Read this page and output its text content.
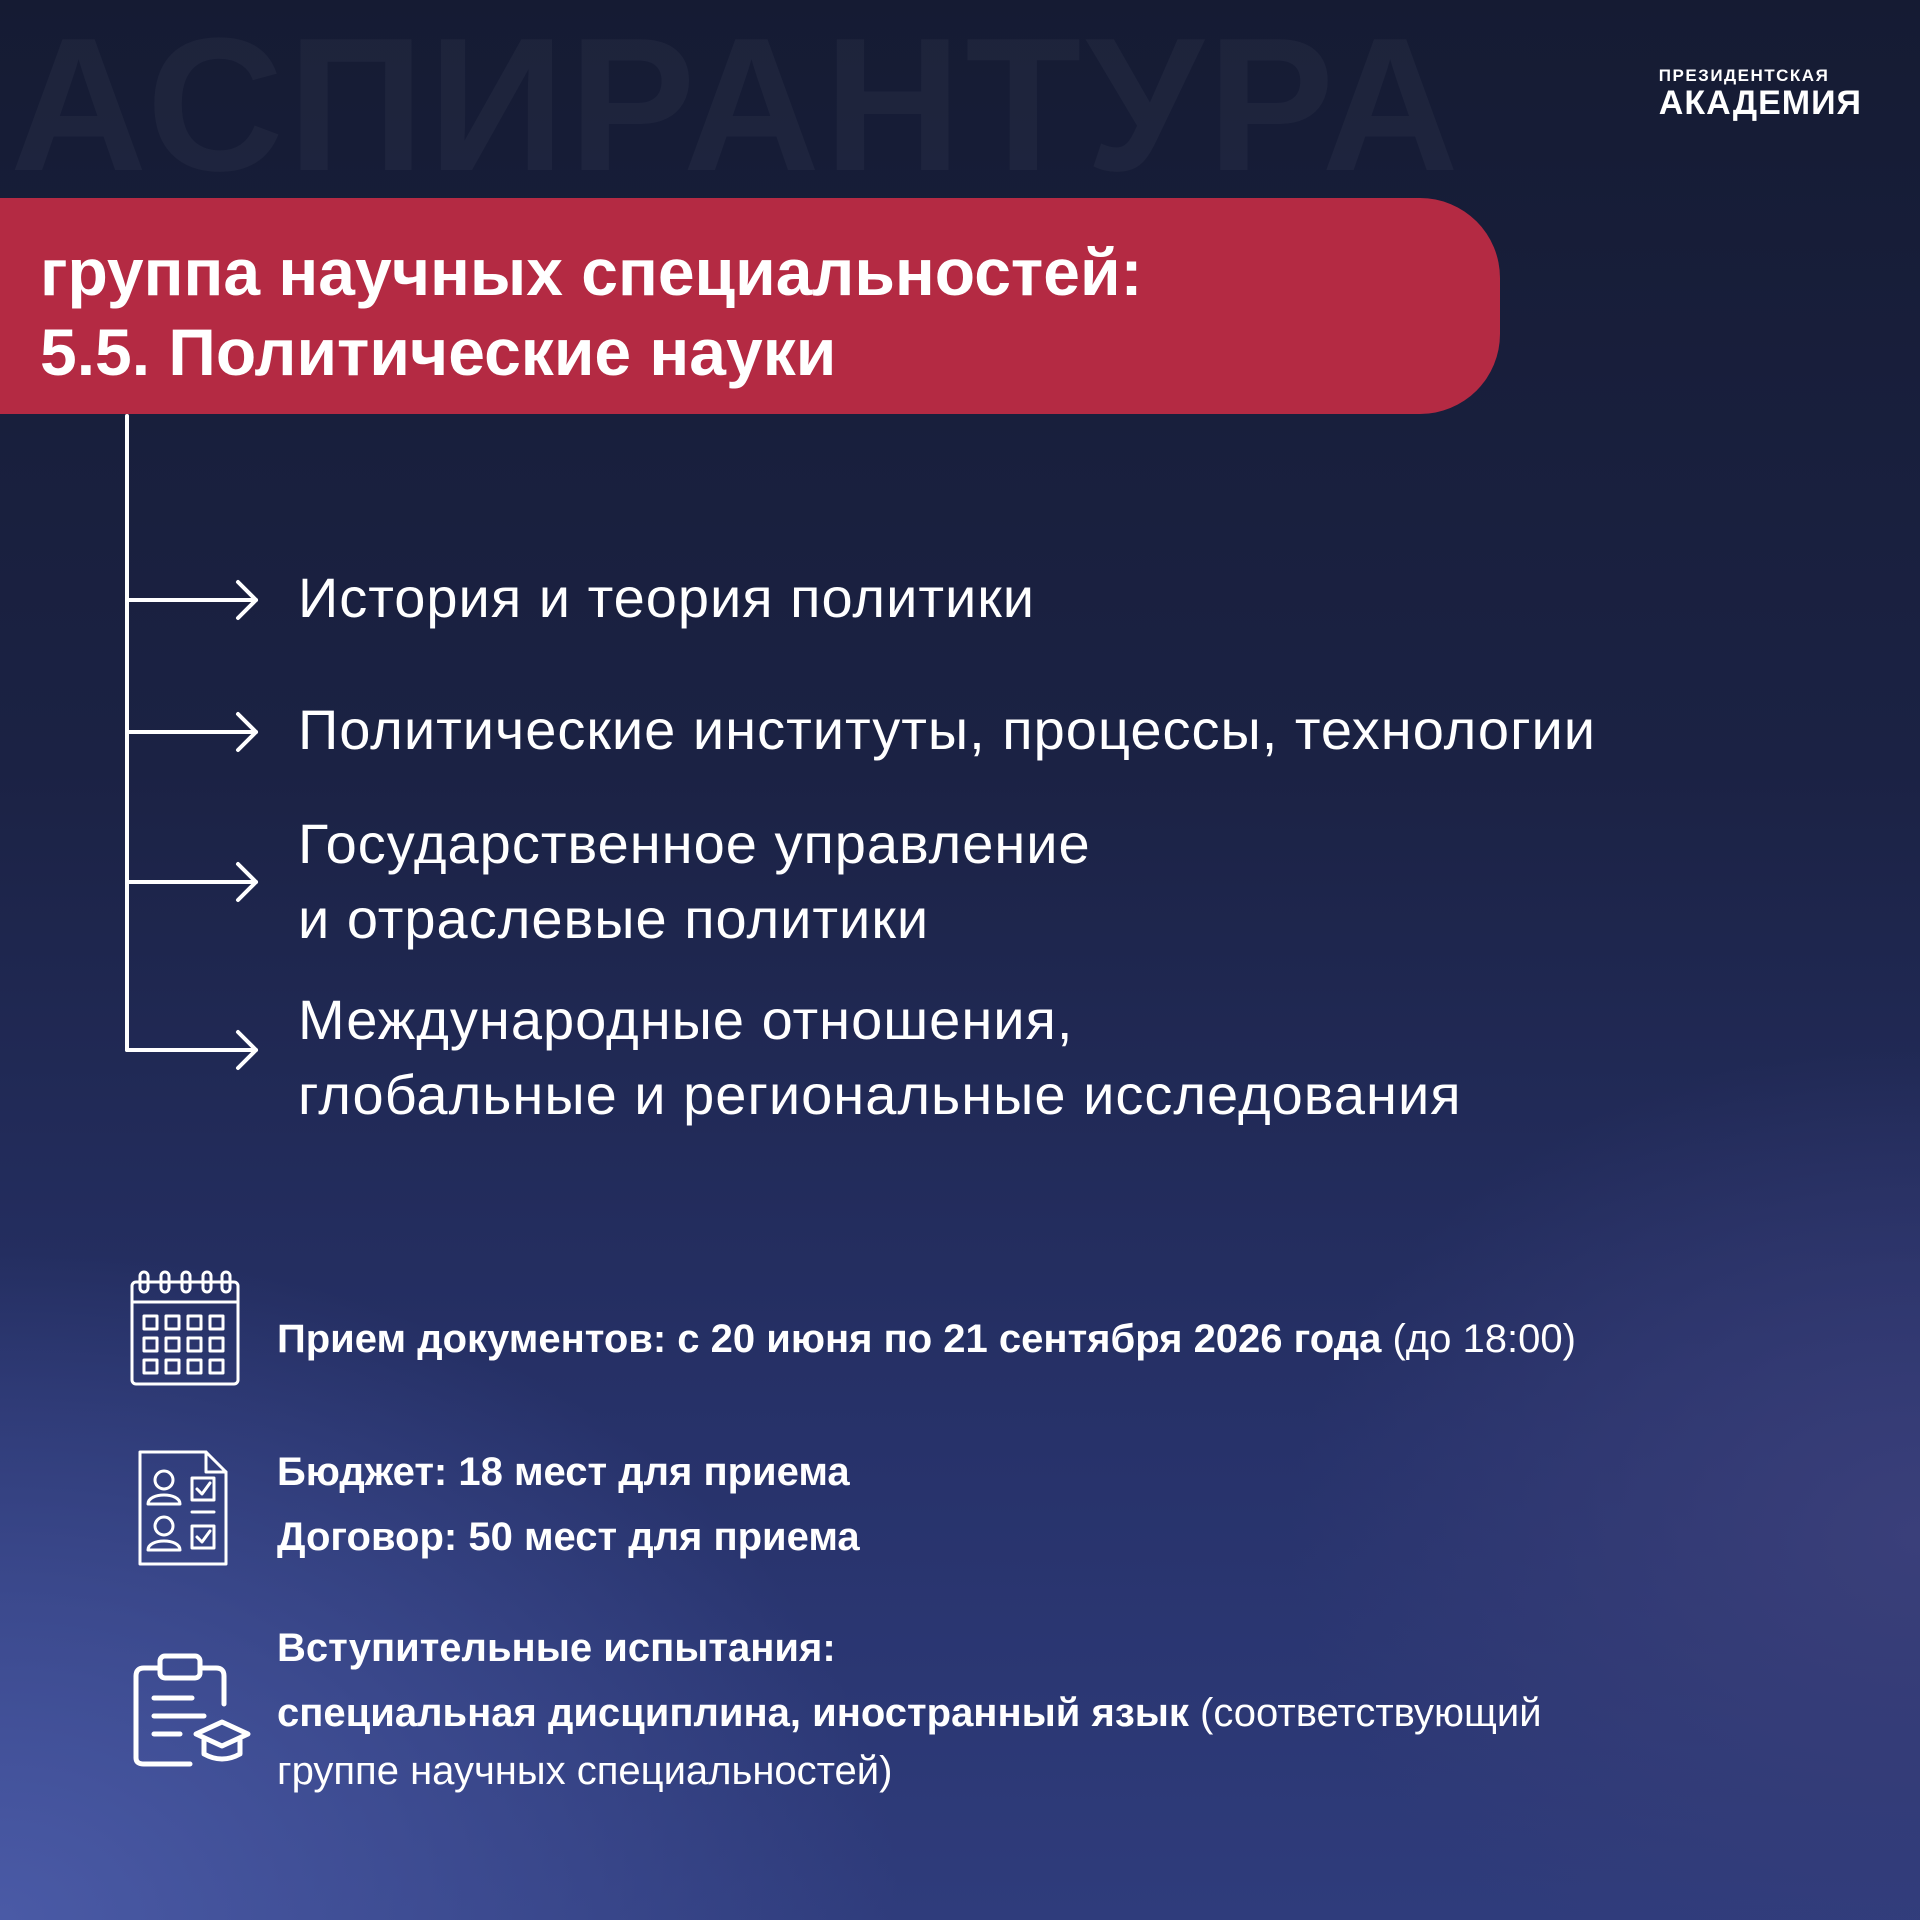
ПРЕЗИДЕНТСКАЯ
АКАДЕМИЯ
группа научных специальностей:
5.5. Политические науки
История и теория политики
Политические институты, процессы, технологии
Государственное управление
и отраслевые политики
Международные отношения,
глобальные и региональные исследования
Прием документов: с 20 июня по 21 сентября 2026 года (до 18:00)
Бюджет: 18 мест для приема
Договор: 50 мест для приема
Вступительные испытания:
специальная дисциплина, иностранный язык (соответствующий
группе научных специальностей)
